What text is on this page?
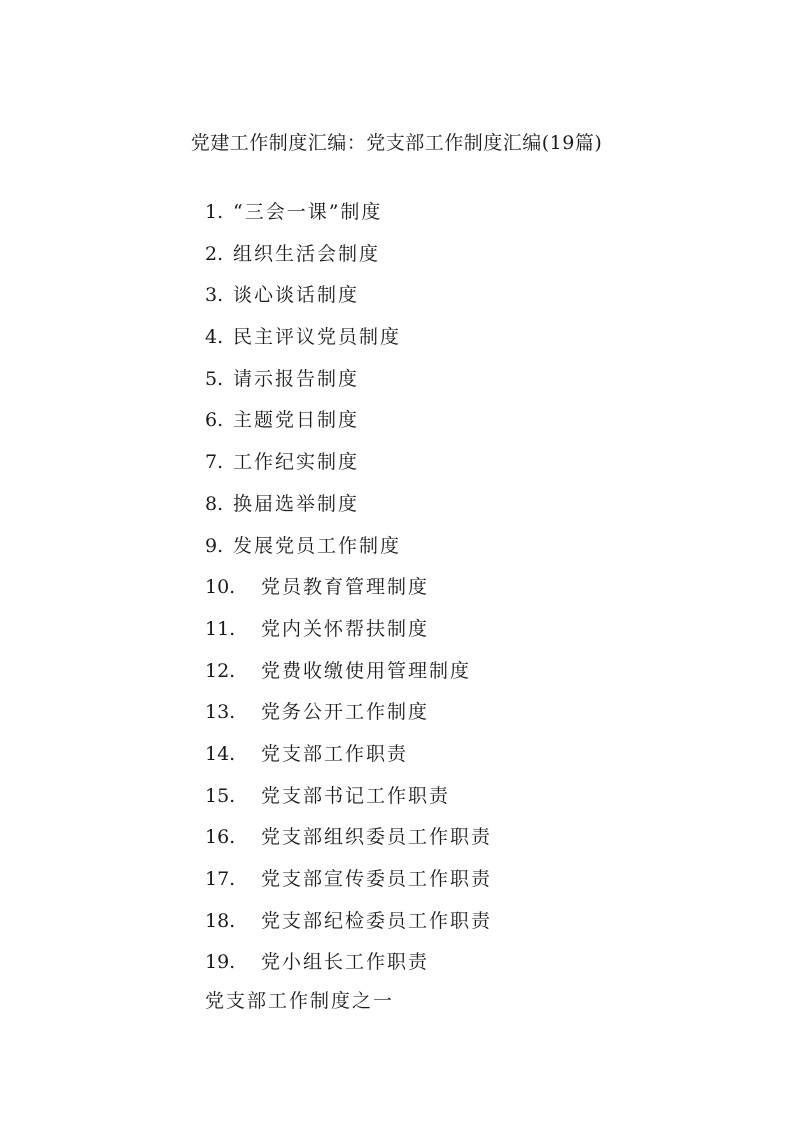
党建工作制度汇编：党支部工作制度汇编(19篇)
1. “三会一课”制度
2. 组织生活会制度
3. 谈心谈话制度
4. 民主评议党员制度
5. 请示报告制度
6. 主题党日制度
7. 工作纪实制度
8. 换届选举制度
9. 发展党员工作制度
10.	党员教育管理制度
11.	党内关怀帮扶制度
12.	党费收缴使用管理制度
13.	党务公开工作制度
14.	党支部工作职责
15.	党支部书记工作职责
16.	党支部组织委员工作职责
17.	党支部宣传委员工作职责
18.	党支部纪检委员工作职责
19.	党小组长工作职责
党支部工作制度之一
